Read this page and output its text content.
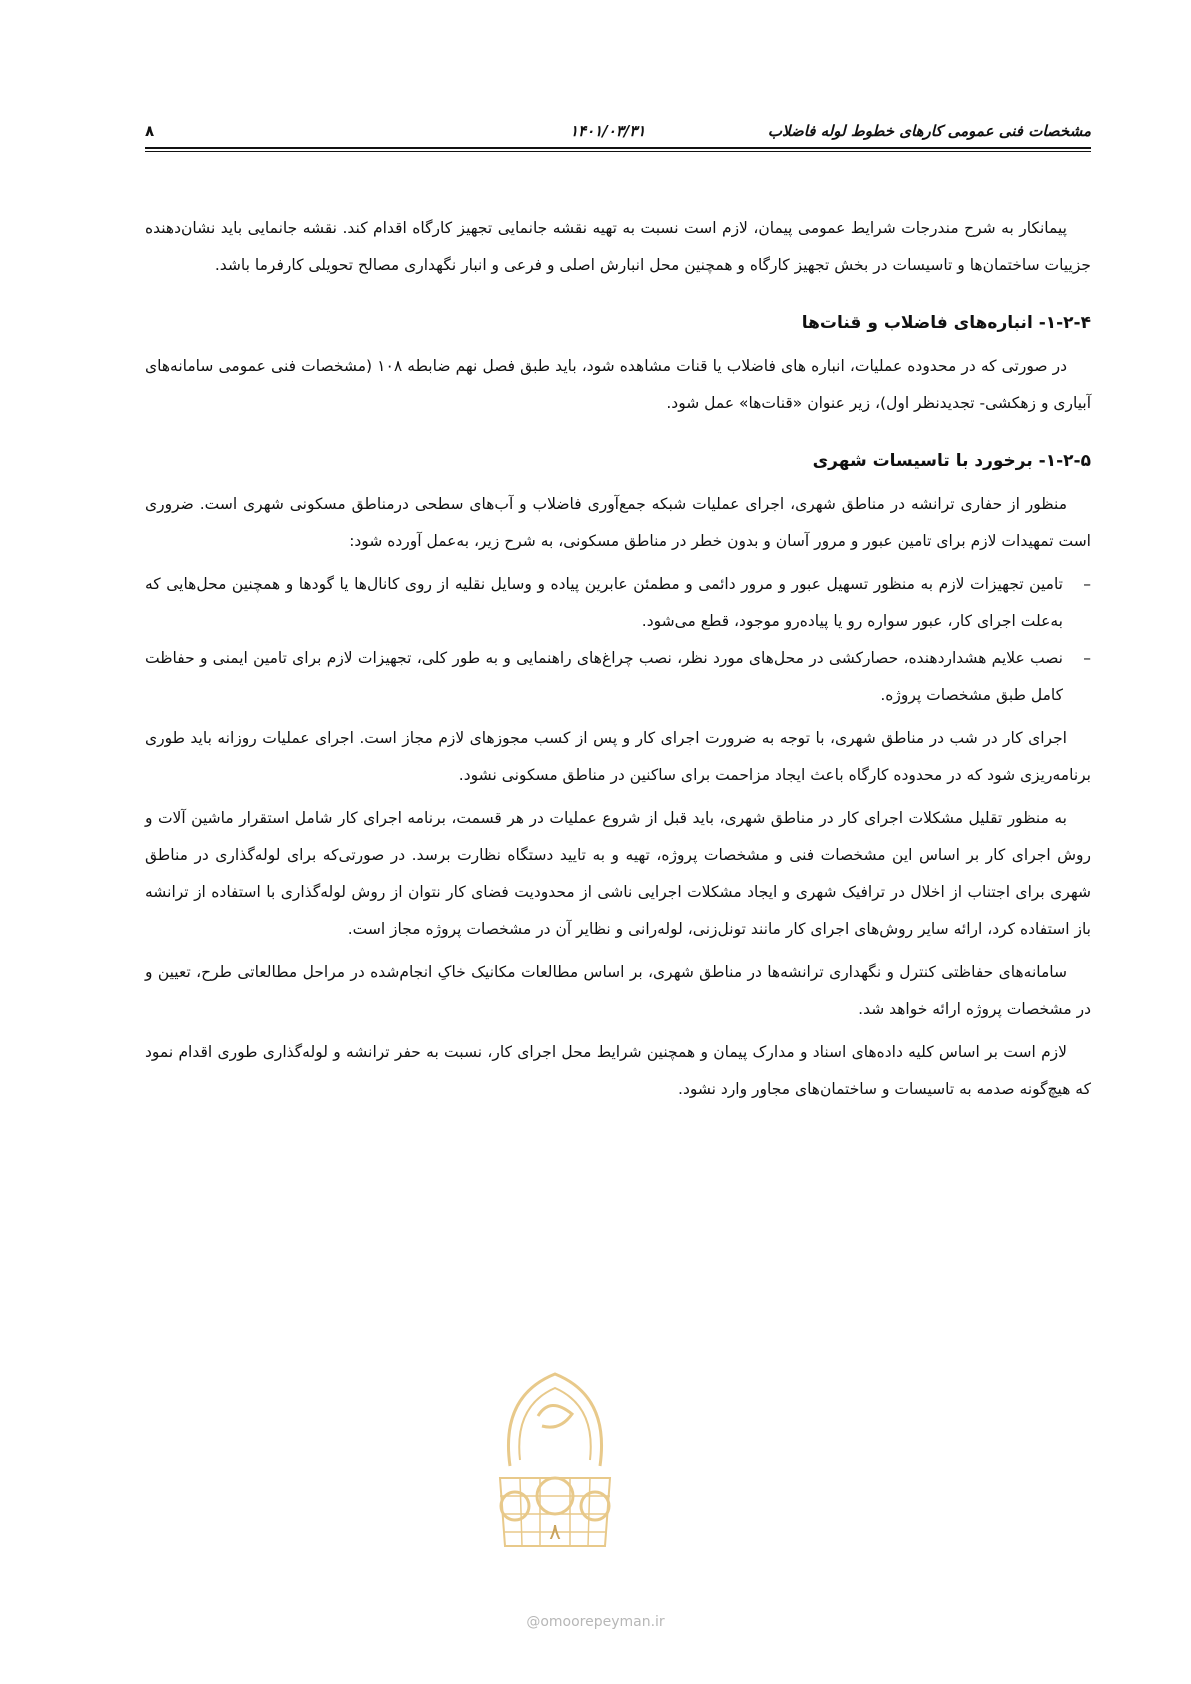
مشخصات فنی عمومی کارهای خطوط لوله فاضلاب
۱۴۰۱/۰۳/۳۱
۸

پیمانکار به شرح مندرجات شرایط عمومی پیمان، لازم است نسبت به تهیه نقشه جانمایی تجهیز کارگاه اقدام کند. نقشه جانمایی باید نشان‌دهنده جزییات ساختمان‌ها و تاسیسات در بخش تجهیز کارگاه و همچنین محل انبارش اصلی و فرعی و انبار نگهداری مصالح تحویلی کارفرما باشد.

۱-۲-۴- انباره‌های فاضلاب و قنات‌ها

در صورتی که در محدوده عملیات، انباره های فاضلاب یا قنات مشاهده شود، باید طبق فصل نهم ضابطه ۱۰۸ (مشخصات فنی عمومی سامانه‌های آبیاری و زهکشی- تجدیدنظر اول)، زیر عنوان «قنات‌ها» عمل شود.

۱-۲-۵- برخورد با تاسیسات شهری

منظور از حفاری ترانشه در مناطق شهری، اجرای عملیات شبکه جمع‌آوری فاضلاب و آب‌های سطحی درمناطق مسکونی شهری است. ضروری است تمهیدات لازم برای تامین عبور و مرور آسان و بدون خطر در مناطق مسکونی، به شرح زیر، به‌عمل آورده شود:

–
تامین تجهیزات لازم به منظور تسهیل عبور و مرور دائمی و مطمئن عابرین پیاده و وسایل نقلیه از روی کانال‌ها یا گودها و همچنین محل‌هایی که به‌علت اجرای کار، عبور سواره رو یا پیاده‌رو موجود، قطع می‌شود.
–
نصب علایم هشداردهنده، حصارکشی در محل‌های مورد نظر، نصب چراغ‌های راهنمایی و به طور کلی، تجهیزات لازم برای تامین ایمنی و حفاظت کامل طبق مشخصات پروژه.

اجرای کار در شب در مناطق شهری، با توجه به ضرورت اجرای کار و پس از کسب مجوزهای لازم مجاز است. اجرای عملیات روزانه باید طوری برنامه‌ریزی شود که در محدوده کارگاه باعث ایجاد مزاحمت برای ساکنین در مناطق مسکونی نشود.

به منظور تقلیل مشکلات اجرای کار در مناطق شهری، باید قبل از شروع عملیات در هر قسمت، برنامه اجرای کار شامل استقرار ماشین آلات و روش اجرای کار بر اساس این مشخصات فنی و مشخصات پروژه، تهیه و به تایید دستگاه نظارت برسد. در صورتی‌که برای لوله‌گذاری در مناطق شهری برای اجتناب از اخلال در ترافیک شهری و ایجاد مشکلات اجرایی ناشی از محدودیت فضای کار نتوان از روش لوله‌گذاری با استفاده از ترانشه باز استفاده کرد، ارائه سایر روش‌های اجرای کار مانند تونل‌زنی، لوله‌رانی و نظایر آن در مشخصات پروژه مجاز است.

سامانه‌های حفاظتی کنترل و نگهداری ترانشه‌ها در مناطق شهری، بر اساس مطالعات مکانیک خاکِ انجام‌شده در مراحل مطالعاتی طرح، تعیین و در مشخصات پروژه ارائه خواهد شد.

لازم است بر اساس کلیه داده‌های اسناد و مدارک پیمان و همچنین شرایط محل اجرای کار، نسبت به حفر ترانشه و لوله‌گذاری طوری اقدام نمود که هیچ‌گونه صدمه به تاسیسات و ساختمان‌های مجاور وارد نشود.

۸
@omoorepeyman.ir
